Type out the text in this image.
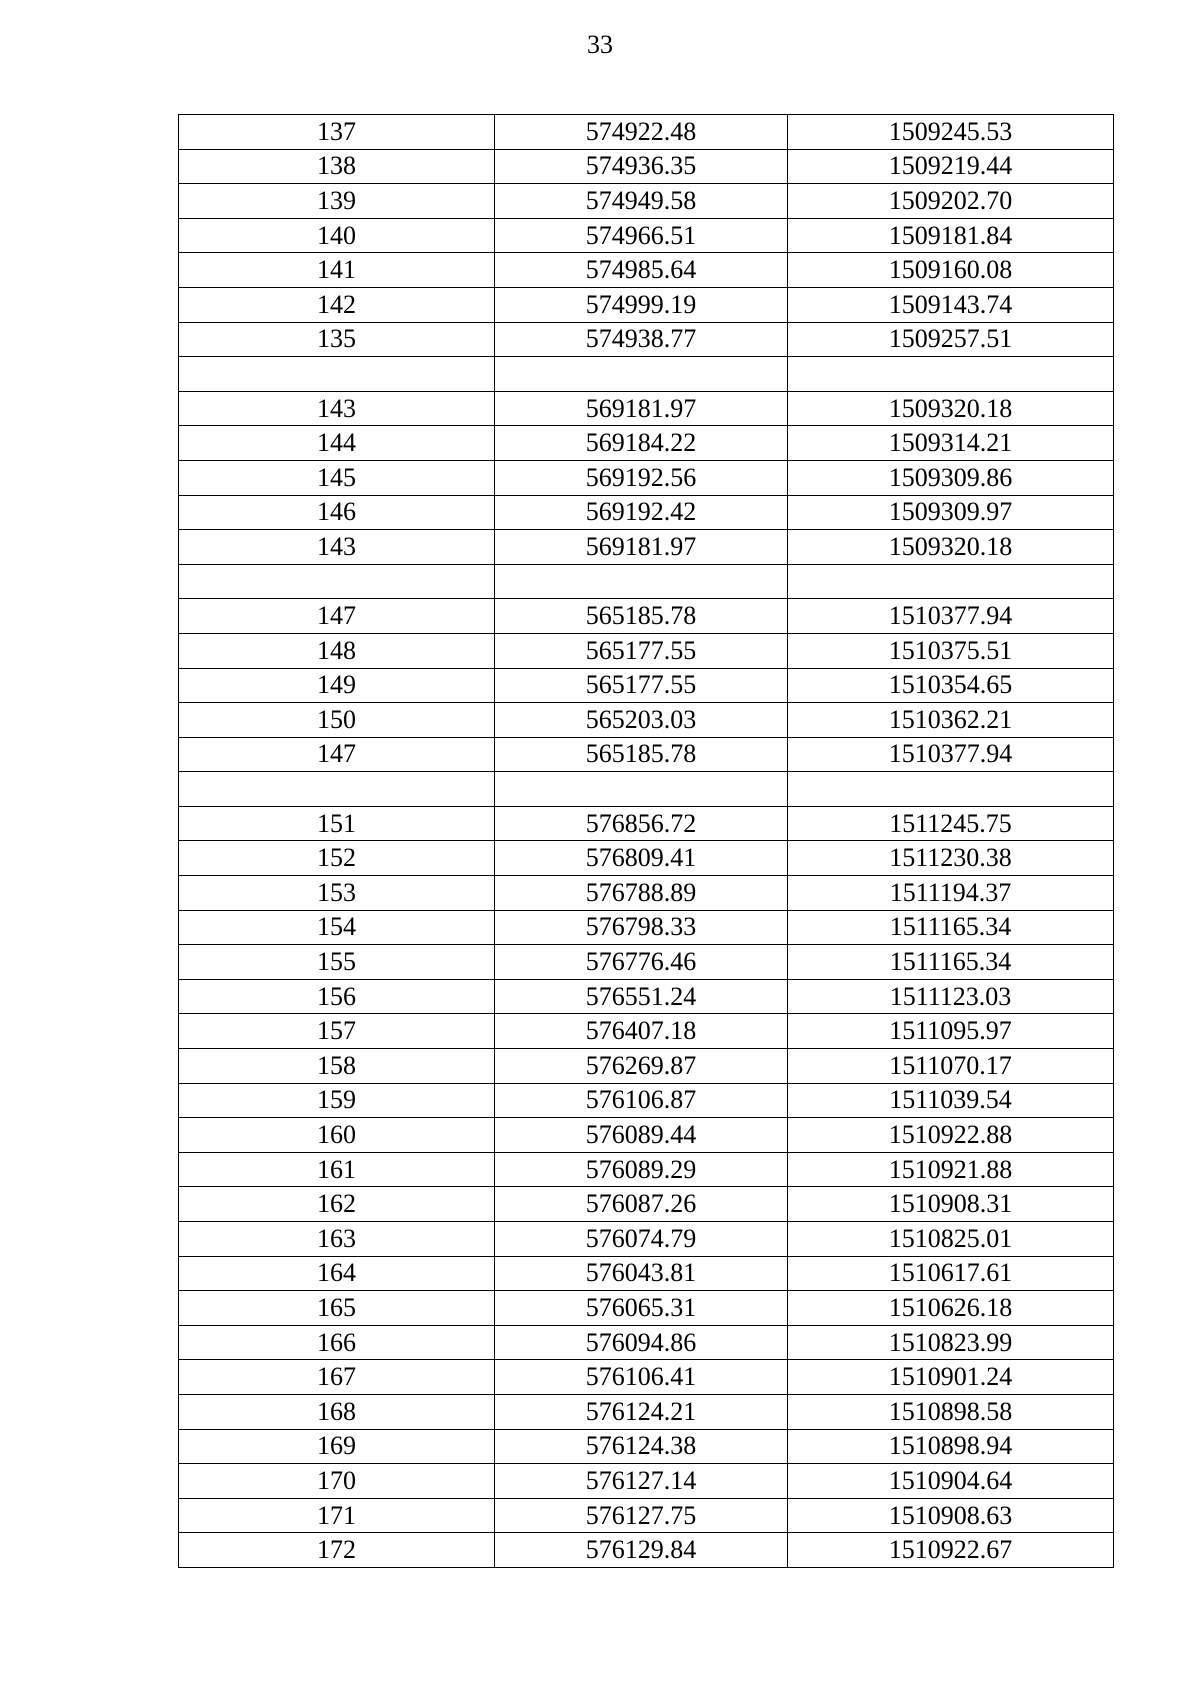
33
137	574922.48	1509245.53
138	574936.35	1509219.44
139	574949.58	1509202.70
140	574966.51	1509181.84
141	574985.64	1509160.08
142	574999.19	1509143.74
135	574938.77	1509257.51

143	569181.97	1509320.18
144	569184.22	1509314.21
145	569192.56	1509309.86
146	569192.42	1509309.97
143	569181.97	1509320.18

147	565185.78	1510377.94
148	565177.55	1510375.51
149	565177.55	1510354.65
150	565203.03	1510362.21
147	565185.78	1510377.94

151	576856.72	1511245.75
152	576809.41	1511230.38
153	576788.89	1511194.37
154	576798.33	1511165.34
155	576776.46	1511165.34
156	576551.24	1511123.03
157	576407.18	1511095.97
158	576269.87	1511070.17
159	576106.87	1511039.54
160	576089.44	1510922.88
161	576089.29	1510921.88
162	576087.26	1510908.31
163	576074.79	1510825.01
164	576043.81	1510617.61
165	576065.31	1510626.18
166	576094.86	1510823.99
167	576106.41	1510901.24
168	576124.21	1510898.58
169	576124.38	1510898.94
170	576127.14	1510904.64
171	576127.75	1510908.63
172	576129.84	1510922.67
